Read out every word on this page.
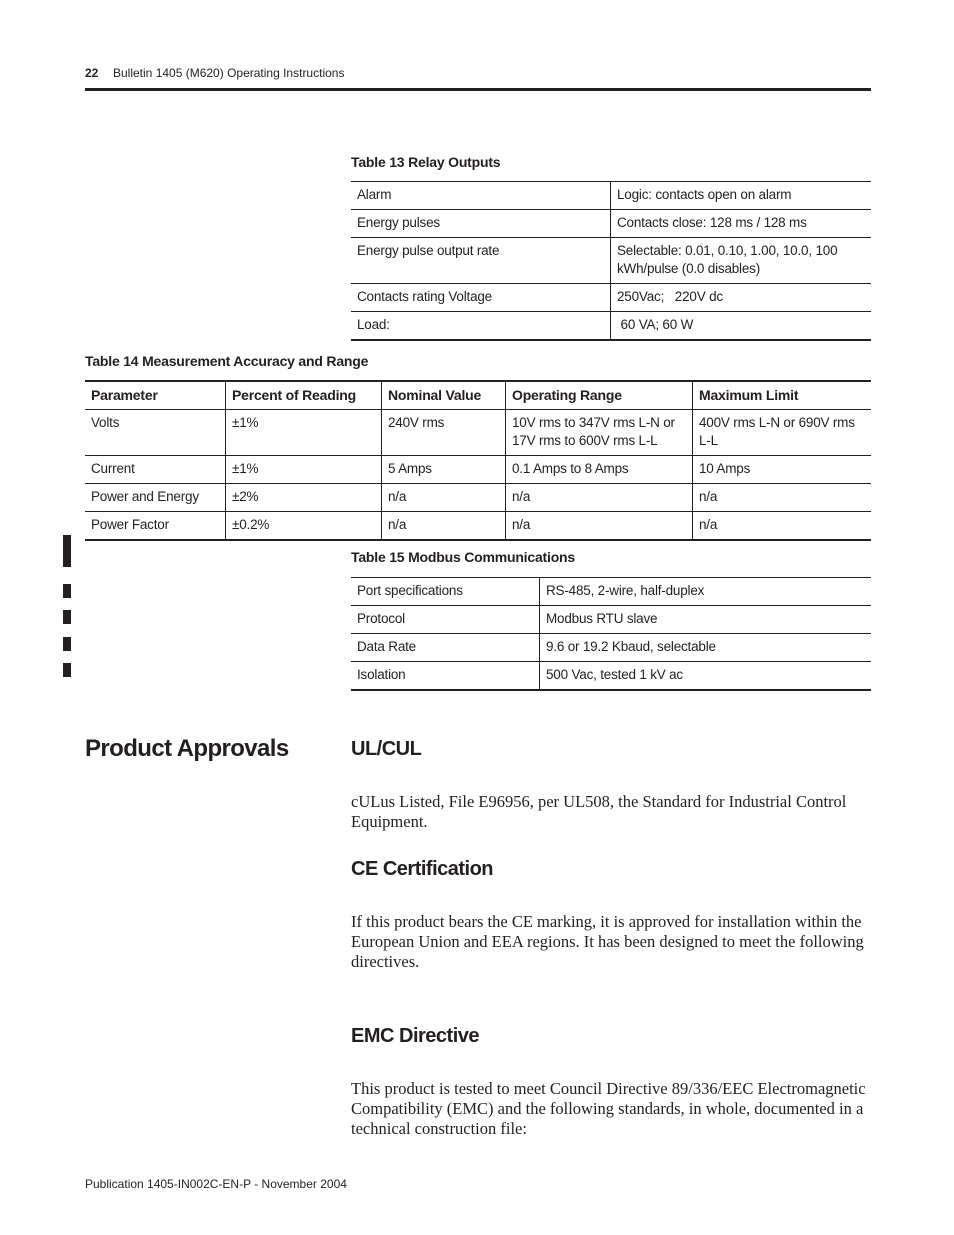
22 Bulletin 1405 (M620) Operating Instructions
Table 13 Relay Outputs
Alarm	Logic: contacts open on alarm
Energy pulses	Contacts close: 128 ms / 128 ms
Energy pulse output rate	Selectable: 0.01, 0.10, 1.00, 10.0, 100 kWh/pulse (0.0 disables)
Contacts rating Voltage	250Vac;   220V dc
Load:	60 VA; 60 W
Table 14 Measurement Accuracy and Range
Parameter	Percent of Reading	Nominal Value	Operating Range	Maximum Limit
Volts	±1%	240V rms	10V rms to 347V rms L-N or 17V rms to 600V rms L-L	400V rms L-N or 690V rms L-L
Current	±1%	5 Amps	0.1 Amps to 8 Amps	10 Amps
Power and Energy	±2%	n/a	n/a	n/a
Power Factor	±0.2%	n/a	n/a	n/a
Table 15 Modbus Communications
Port specifications	RS-485, 2-wire, half-duplex
Protocol	Modbus RTU slave
Data Rate	9.6 or 19.2 Kbaud, selectable
Isolation	500 Vac, tested 1 kV ac
Product Approvals	UL/CUL
cULus Listed, File E96956, per UL508, the Standard for Industrial Control Equipment.
CE Certification
If this product bears the CE marking, it is approved for installation within the European Union and EEA regions. It has been designed to meet the following directives.
EMC Directive
This product is tested to meet Council Directive 89/336/EEC Electromagnetic Compatibility (EMC) and the following standards, in whole, documented in a technical construction file:
Publication 1405-IN002C-EN-P - November 2004
